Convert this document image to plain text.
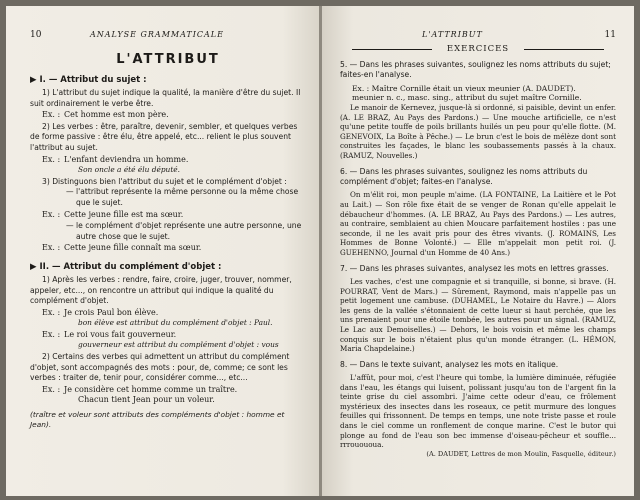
10	ANALYSE GRAMMATICALE
L'ATTRIBUT
▶ I. — Attribut du sujet :

1) L'attribut du sujet indique la qualité, la manière d'être du sujet. Il suit ordinairement le verbe être.

Ex. : Cet homme est mon père.

2) Les verbes : être, paraître, devenir, sembler, et quelques verbes de forme passive : être élu, être appelé, etc... relient le plus souvent l'attribut au sujet.

Ex. : L'enfant deviendra un homme.
Son oncle a été élu député.

3) Distinguons bien l'attribut du sujet et le complément d'objet :

— l'attribut représente la même personne ou la même chose que le sujet.

Ex. : Cette jeune fille est ma sœur.

— le complément d'objet représente une autre personne, une autre chose que le sujet.

Ex. : Cette jeune fille connaît ma sœur.
▶ II. — Attribut du complément d'objet :

1) Après les verbes : rendre, faire, croire, juger, trouver, nommer, appeler, etc..., on rencontre un attribut qui indique la qualité du complément d'objet.

Ex. : Je crois Paul bon élève.
bon élève est attribut du complément d'objet : Paul.
Ex. : Le roi vous fait gouverneur.
gouverneur est attribut du complément d'objet : vous

2) Certains des verbes qui admettent un attribut du complément d'objet, sont accompagnés des mots : pour, de, comme; ce sont les verbes : traiter de, tenir pour, considérer comme..., etc...

Ex. : Je considère cet homme comme un traître.
Chacun tient Jean pour un voleur.

(traître et voleur sont attributs des compléments d'objet : homme et Jean).

L'ATTRIBUT	11
EXERCICES

5. — Dans les phrases suivantes, soulignez les noms attributs du sujet; faites-en l'analyse.

Ex. : Maître Cornille était un vieux meunier (A. DAUDET).

meunier n. c., masc. sing., attribut du sujet maître Cornille.

Le manoir de Kernevez, jusque-là si ordonné, si paisible, devint un enfer. (A. LE BRAZ, Au Pays des Pardons.) — Une mouche artificielle, ce n'est qu'une petite touffe de poils brillants huilés un peu pour qu'elle flotte. (M. GENEVOIX, La Boîte à Pêche.) — Le brun c'est le bois de mélèze dont sont construites les façades, le blanc les soubassements passés à la chaux. (RAMUZ, Nouvelles.)

6. — Dans les phrases suivantes, soulignez les noms attributs du complément d'objet; faites-en l'analyse.

On m'élit roi, mon peuple m'aime. (LA FONTAINE, La Laitière et le Pot au Lait.) — Son rôle fixe était de se venger de Ronan qu'elle appelait le débaucheur d'hommes. (A. LE BRAZ, Au Pays des Pardons.) — Les autres, au contraire, semblaient au chien Moucare parfaitement hostiles : pas une seconde, il ne les avait pris pour des êtres vivants. (J. ROMAINS, Les Hommes de Bonne Volonté.) — Elle m'appelait mon petit roi. (J. GUEHENNO, Journal d'un Homme de 40 Ans.)

7. — Dans les phrases suivantes, analysez les mots en lettres grasses.

Les vaches, c'est une compagnie et si tranquille, si bonne, si brave. (H. POURRAT, Vent de Mars.) — Sûrement, Raymond, mais n'appelle pas un petit logement une cambuse. (DUHAMEL, Le Notaire du Havre.) — Alors les gens de la vallée s'étonnaient de cette lueur si haut perchée, que les uns prenaient pour une étoile tombée, les autres pour un signal. (RAMUZ, Le Lac aux Demoiselles.) — Dehors, le bois voisin et même les champs conquis sur le bois n'étaient plus qu'un monde étranger. (L. HÉMON, Maria Chapdelaine.)

8. — Dans le texte suivant, analysez les mots en italique.

L'affût, pour moi, c'est l'heure qui tombe, la lumière diminuée, réfugiée dans l'eau, les étangs qui luisent, polissant jusqu'au ton de l'argent fin la teinte grise du ciel assombri. J'aime cette odeur d'eau, ce frôlement mystérieux des insectes dans les roseaux, ce petit murmure des longues feuilles qui frissonnent. De temps en temps, une note triste passe et roule dans le ciel comme un ronflement de conque marine. C'est le butor qui plonge au fond de l'eau son bec immense d'oiseau-pêcheur et souffle... rrrouououa.

(A. DAUDET, Lettres de mon Moulin, Fasquelle, éditeur.)
